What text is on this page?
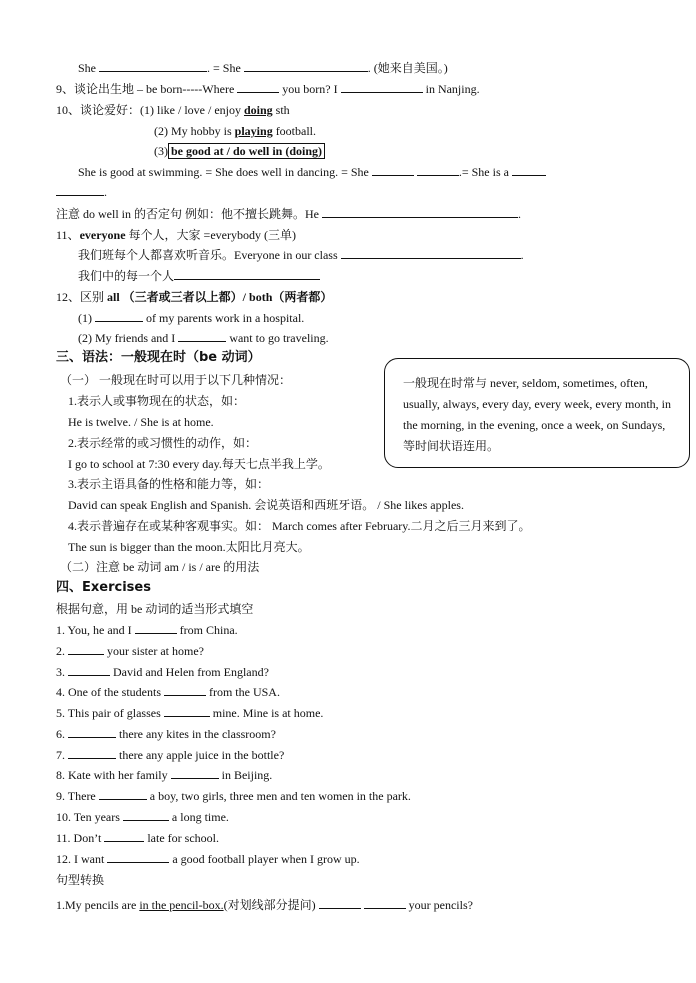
She	. = She	. (她来自美国。)
9、谈论出生地 – be born-----Where	you born? I	in Nanjing.
10、谈论爱好：(1) like / love / enjoy doing sth
(2) My hobby is playing football.
(3) be good at / do well in (doing)
She is good at swimming. = She does well in dancing. = She	.= She is a
.
注意 do well in 的否定句 例如：他不擅长跳舞。He	.
11、everyone 每个人，大家 =everybody (三单)
我们班每个人都喜欢听音乐。Everyone in our class	.
我们中的每一个人
12、区别 all （三者或三者以上都）/ both（两者都）
(1)	of my parents work in a hospital.
(2) My friends and I	want to go traveling.
三、语法：一般现在时（be 动词）
（一） 一般现在时可以用于以下几种情况：
1.表示人或事物现在的状态，如：
He is twelve. / She is at home.
2.表示经常的或习惯性的动作，如：
I go to school at 7:30 every day.每天七点半我上学。
3.表示主语具备的性格和能力等，如：
David can speak English and Spanish. 会说英语和西班牙语。 / She likes apples.
4.表示普遍存在或某种客观事实。如： March comes after February.二月之后三月来到了。
The sun is bigger than the moon.太阳比月亮大。
（二）注意 be 动词 am / is / are 的用法
一般现在时常与 never, seldom, sometimes, often, usually, always, every day, every week, every month, in the morning, in the evening, once a week, on Sundays,等时间状语连用。
四、Exercises
根据句意，用 be 动词的适当形式填空
1. You, he and I	from China.
2.	your sister at home?
3.	David and Helen from England?
4. One of the students	from the USA.
5. This pair of glasses	mine. Mine is at home.
6.	there any kites in the classroom?
7.	there any apple juice in the bottle?
8. Kate with her family	in Beijing.
9. There	a boy, two girls, three men and ten women in the park.
10. Ten years	a long time.
11. Don’t	late for school.
12. I want	a good football player when I grow up.
句型转换
1.My pencils are in the pencil-box.(对划线部分提问)	your pencils?
